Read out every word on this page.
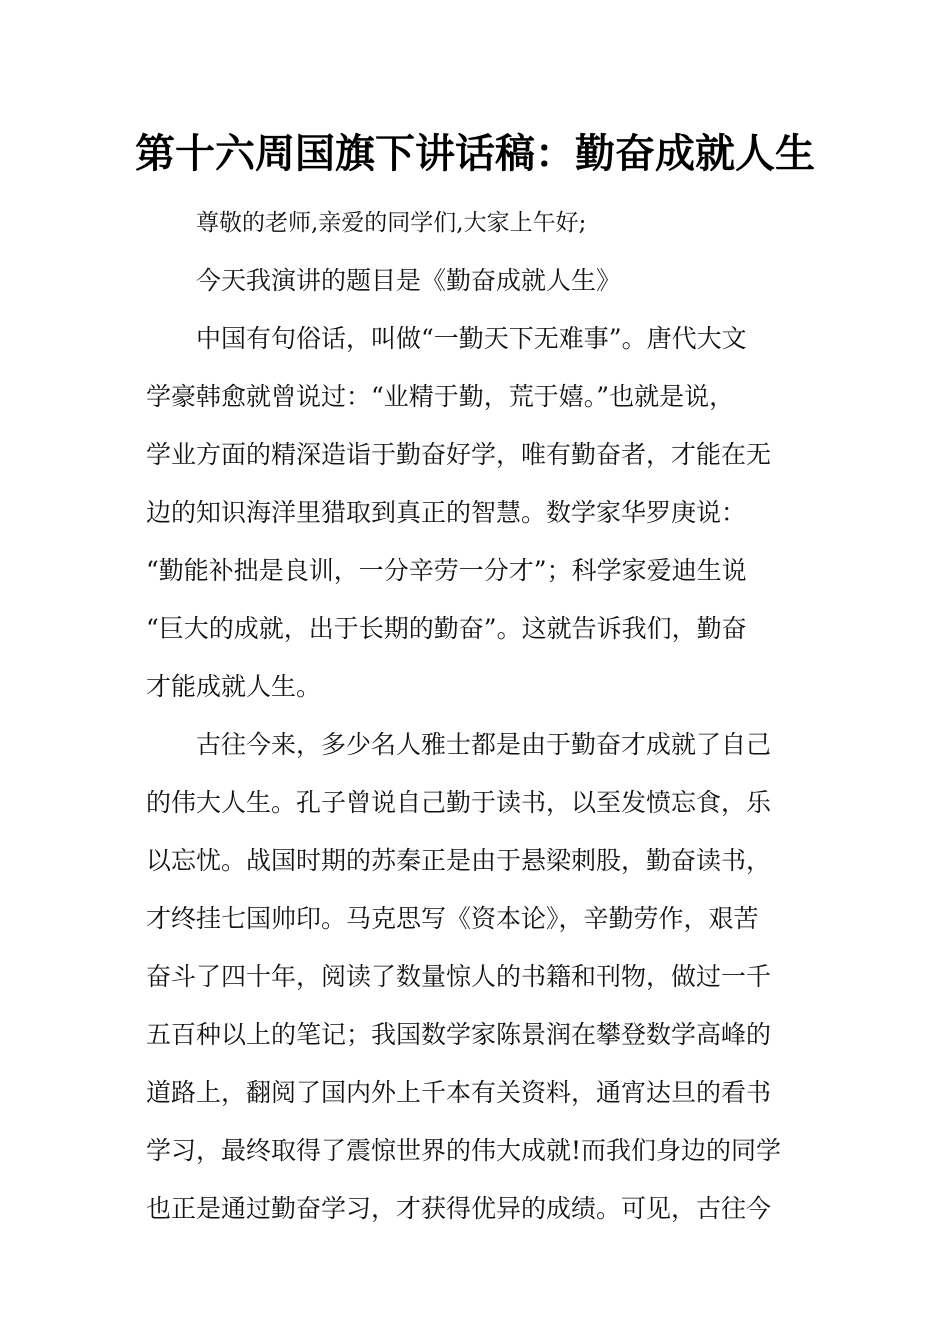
第十六周国旗下讲话稿：勤奋成就人生
尊敬的老师,亲爱的同学们,大家上午好;
今天我演讲的题目是《勤奋成就人生》
中国有句俗话，叫做“一勤天下无难事”。唐代大文
学豪韩愈就曾说过：“业精于勤，荒于嬉。”也就是说，
学业方面的精深造诣于勤奋好学，唯有勤奋者，才能在无
边的知识海洋里猎取到真正的智慧。数学家华罗庚说：
“勤能补拙是良训，一分辛劳一分才”；科学家爱迪生说
“巨大的成就，出于长期的勤奋”。这就告诉我们，勤奋
才能成就人生。
古往今来，多少名人雅士都是由于勤奋才成就了自己
的伟大人生。孔子曾说自己勤于读书，以至发愤忘食，乐
以忘忧。战国时期的苏秦正是由于悬梁刺股，勤奋读书，
才终挂七国帅印。马克思写《资本论》，辛勤劳作，艰苦
奋斗了四十年，阅读了数量惊人的书籍和刊物，做过一千
五百种以上的笔记；我国数学家陈景润在攀登数学高峰的
道路上，翻阅了国内外上千本有关资料，通宵达旦的看书
学习，最终取得了震惊世界的伟大成就!而我们身边的同学
也正是通过勤奋学习，才获得优异的成绩。可见，古往今
